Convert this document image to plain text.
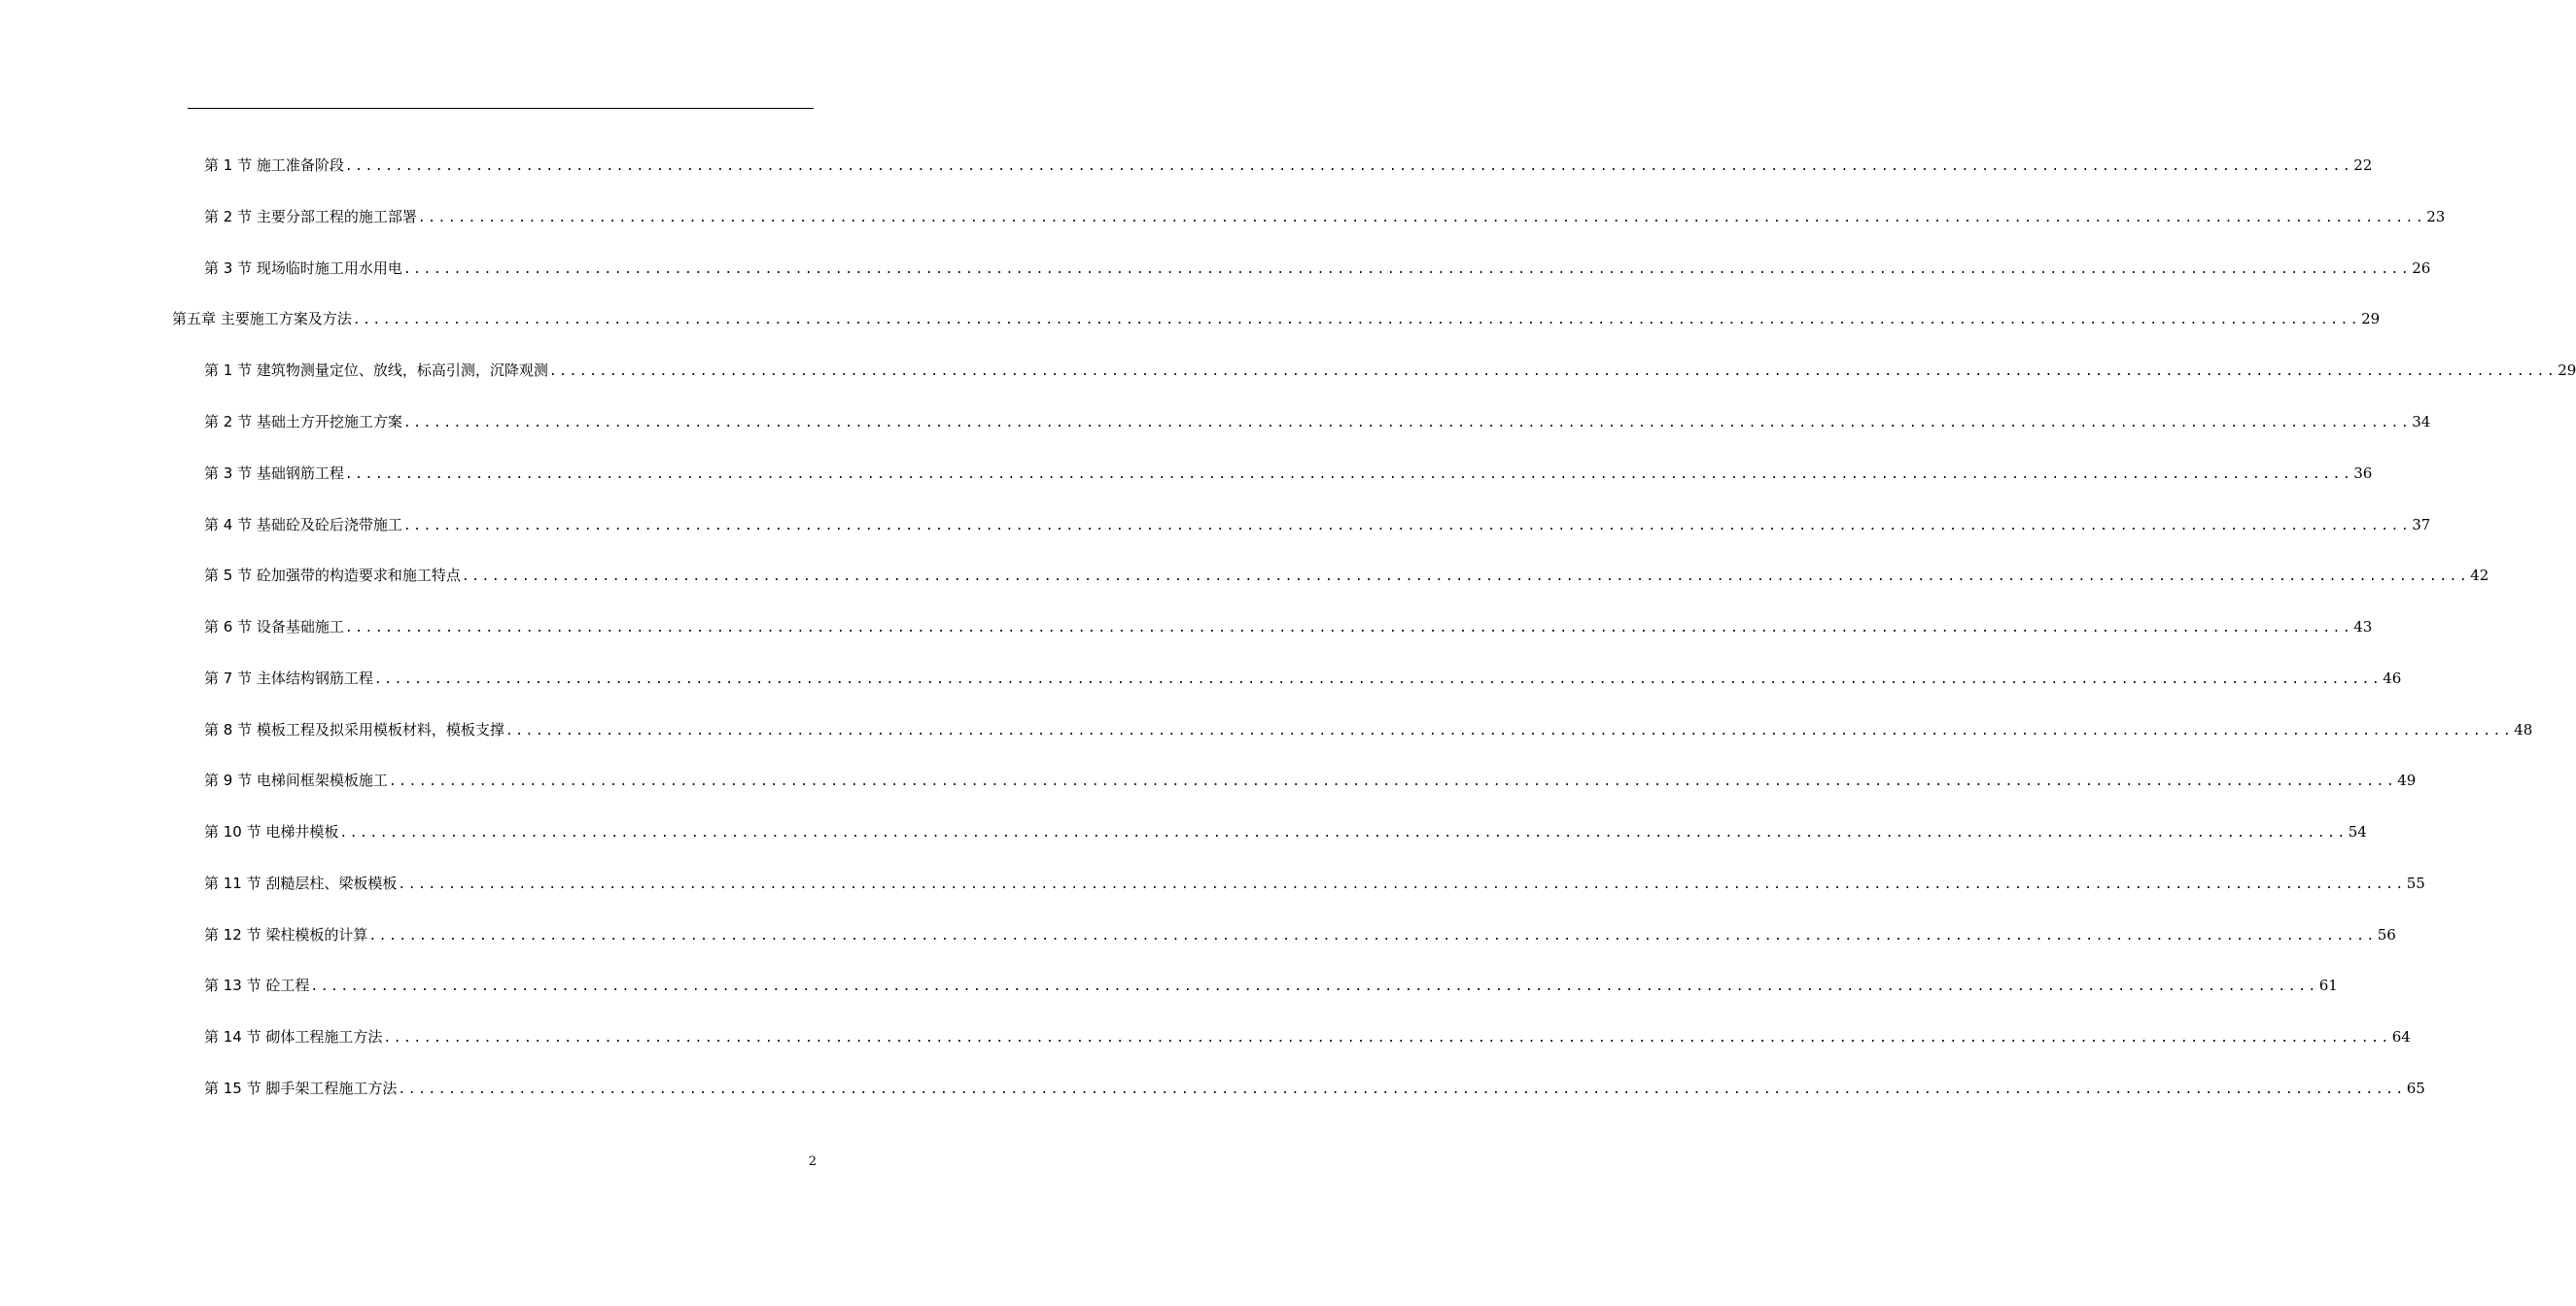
第 1 节 施工准备阶段 ........................................................................................................................................................................................................ 22
第 2 节 主要分部工程的施工部署 ........................................................................................................................................................................................................ 23
第 3 节 现场临时施工用水用电 ........................................................................................................................................................................................................ 26
第五章 主要施工方案及方法 ........................................................................................................................................................................................................ 29
第 1 节 建筑物测量定位、放线，标高引测，沉降观测 ........................................................................................................................................................................................................ 29
第 2 节 基础土方开挖施工方案 ........................................................................................................................................................................................................ 34
第 3 节 基础钢筋工程 ........................................................................................................................................................................................................ 36
第 4 节 基础砼及砼后浇带施工 ........................................................................................................................................................................................................ 37
第 5 节 砼加强带的构造要求和施工特点 ........................................................................................................................................................................................................ 42
第 6 节 设备基础施工 ........................................................................................................................................................................................................ 43
第 7 节 主体结构钢筋工程 ........................................................................................................................................................................................................ 46
第 8 节 模板工程及拟采用模板材料，模板支撑 ........................................................................................................................................................................................................ 48
第 9 节 电梯间框架模板施工 ........................................................................................................................................................................................................ 49
第 10 节 电梯井模板 ........................................................................................................................................................................................................ 54
第 11 节 刮糙层柱、梁板模板 ........................................................................................................................................................................................................ 55
第 12 节 梁柱模板的计算 ........................................................................................................................................................................................................ 56
第 13 节 砼工程 ........................................................................................................................................................................................................ 61
第 14 节 砌体工程施工方法 ........................................................................................................................................................................................................ 64
第 15 节 脚手架工程施工方法 ........................................................................................................................................................................................................ 65
2
